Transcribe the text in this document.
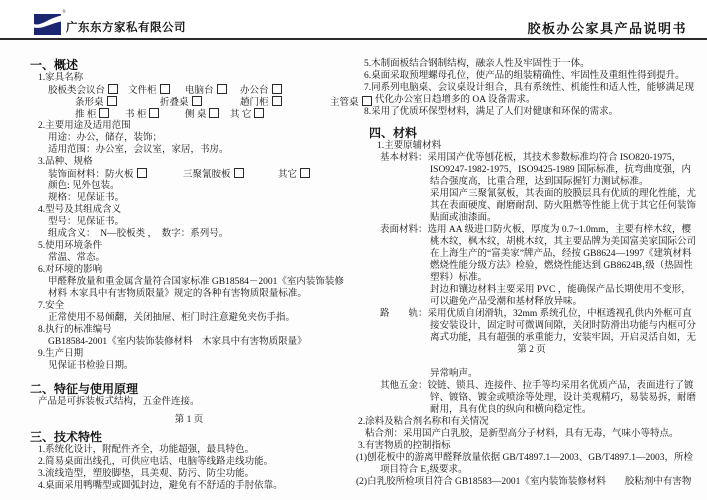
®
广东东方家私有限公司	胶板办公家具产品说明书
一、概述
1.家具名称
胶板类会议台	文件柜	电脑台	办公台
条形桌	折叠桌	趟门柜	主管桌
推 柜	书 柜	侧 桌	其 它
2.主要用途及适用范围
用途：办公，储存，装饰；
适用范围：办公室，会议室，家居，书房。
3.品种、规格
装饰面材料：防火板	三聚氰胺板	其它
颜色: 见外包装。
规格：见保证书。
4.型号及其组成含义
型号：见保证书。
组成含义：　N—胶板类 ，　数字：系列号。
5.使用环境条件
常温、常态。
6.对环境的影响
甲醛释放量和重金属含量符合国家标准 GB18584－2001《室内装饰装修材料 木家具中有害物质限量》规定的各种有害物质限量标准。
7.安全
正常使用不易倾翻，关闭抽屉、柜门时注意避免夹伤手指。
8.执行的标准编号
GB18584-2001《室内装饰装修材料　木家具中有害物质限量》
9.生产日期
见保证书检验日期。
二、特征与使用原理
产品是可拆装板式结构，五金件连接。
第 1 页
三、技术特性
1.系统化设计，附配件齐全，功能超强，最具特色。
2.简易桌面出线孔，可供应电话、电脑等线路走线功能。
3.流线造型，塑胶脚垫，具美观、防污、防尘功能。
4.桌面采用鸭嘴型或圆弧封边，避免有不舒适的手肘依靠。
5.木制面板结合钢制结构，融亲人性及牢固性于一体。
6.桌面采取预埋螺母孔位，使产品的组装精确性、牢固性及重组性得到提升。
7.同系列电脑桌、会议桌设计组合，具有系统性、机能性和适人性，能够满足现代化办公室日趋增多的 OA 设备需求。
8.采用了优质环保型材料，满足了人们对健康和环保的需求。
四、材料
1.主要原辅材料

基本材料：采用国产优等刨花板，其技术参数标准均符合 ISO820-1975，ISO9247-1982-1975，ISO9425-1989 国际标准，抗弯曲度强，内结合强度高，比重合理，达到国际握钉力测试标准。

采用国产三聚氰氨板，其表面的胶膜层具有优质的理化性能，尤其在表面硬度、耐磨耐刮、防火阻燃等性能上优于其它任何装饰贴面或油漆面。

表面材料：选用 AA 级进口防火板，厚度为 0.7~1.0mm，主要有梓木纹，樱桃木纹，枫木纹，胡桃木纹，其主要品牌为美国富美家国际公司在上海生产的“富美家”牌产品，经按 GB8624—1997《建筑材料燃烧性能分级方法》检验，燃烧性能达到 GB8624B₁级（热固性塑料）标准。

封边和镶边材料主要采用 PVC ，能确保产品长期使用不变形，可以避免产品受潮和基材释放异味。

路　　轨：采用优质自闭滑轨，32mm 系统孔位，中框透视孔供内外框可直接安装设计，固定时可微调间隙，关闭时防滑出功能与内框可分离式功能，具有超强的承重能力，安装牢固，开启灵活自如，无

第 2 页

异常响声。

其他五金：铰链、锁具、连接件、拉手等均采用名优质产品，表面进行了镀锌、镀铬、镀金或喷涂等处理，设计美观精巧，易装易拆，耐磨耐用，具有优良的纵向和横向稳定性。

2.涂料及粘合剂名称和有关情况
粘合剂：采用国产白乳胶，是新型高分子材料，具有无毒，气味小等特点。
3.有害物质的控制指标

(1)刨花板中的游离甲醛释放量依据 GB/T4897.1—2003、GB/T4897.1—2003，所检项目符合 E₂级要求。

(2)白乳胶所检项目符合 GB18583—2001《室内装饰装修材料　　胶粘剂中有害物
